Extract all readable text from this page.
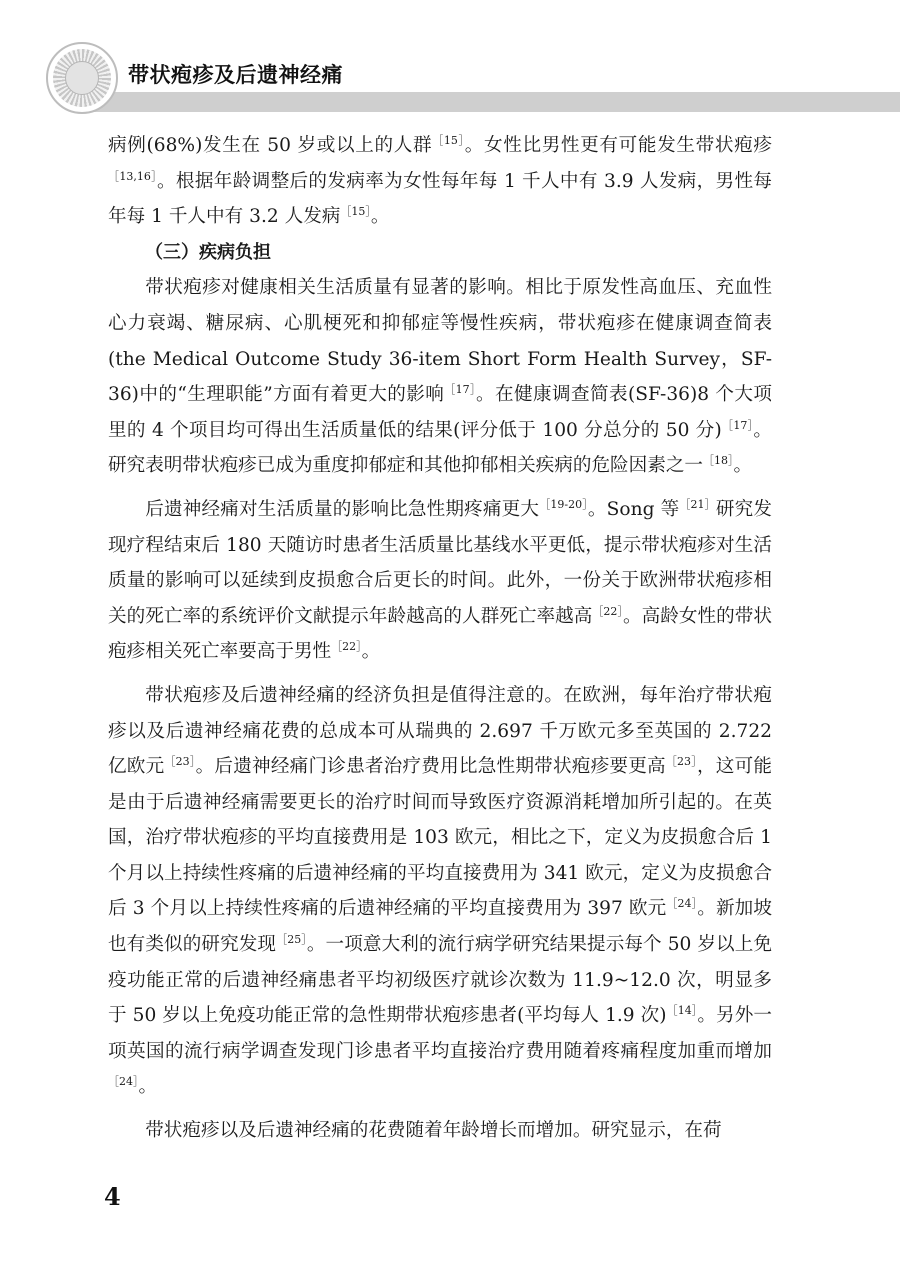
带状疱疹及后遗神经痛

病例(68%)发生在 50 岁或以上的人群$^{[15]}$。女性比男性更有可能发生带状疱疹$^{[13,16]}$。根据年龄调整后的发病率为女性每年每 1 千人中有 3.9 人发病，男性每年每 1 千人中有 3.2 人发病$^{[15]}$。

（三）疾病负担

带状疱疹对健康相关生活质量有显著的影响。相比于原发性高血压、充血性心力衰竭、糖尿病、心肌梗死和抑郁症等慢性疾病，带状疱疹在健康调查简表(the Medical Outcome Study 36-item Short Form Health Survey，SF-36)中的“生理职能”方面有着更大的影响$^{[17]}$。在健康调查简表(SF-36)8 个大项里的 4 个项目均可得出生活质量低的结果(评分低于 100 分总分的 50 分)$^{[17]}$。研究表明带状疱疹已成为重度抑郁症和其他抑郁相关疾病的危险因素之一$^{[18]}$。

后遗神经痛对生活质量的影响比急性期疼痛更大$^{[19-20]}$。Song 等$^{[21]}$研究发现疗程结束后 180 天随访时患者生活质量比基线水平更低，提示带状疱疹对生活质量的影响可以延续到皮损愈合后更长的时间。此外，一份关于欧洲带状疱疹相关的死亡率的系统评价文献提示年龄越高的人群死亡率越高$^{[22]}$。高龄女性的带状疱疹相关死亡率要高于男性$^{[22]}$。

带状疱疹及后遗神经痛的经济负担是值得注意的。在欧洲，每年治疗带状疱疹以及后遗神经痛花费的总成本可从瑞典的 2.697 千万欧元多至英国的 2.722 亿欧元$^{[23]}$。后遗神经痛门诊患者治疗费用比急性期带状疱疹要更高$^{[23]}$，这可能是由于后遗神经痛需要更长的治疗时间而导致医疗资源消耗增加所引起的。在英国，治疗带状疱疹的平均直接费用是 103 欧元，相比之下，定义为皮损愈合后 1 个月以上持续性疼痛的后遗神经痛的平均直接费用为 341 欧元，定义为皮损愈合后 3 个月以上持续性疼痛的后遗神经痛的平均直接费用为 397 欧元$^{[24]}$。新加坡也有类似的研究发现$^{[25]}$。一项意大利的流行病学研究结果提示每个 50 岁以上免疫功能正常的后遗神经痛患者平均初级医疗就诊次数为 11.9~12.0 次，明显多于 50 岁以上免疫功能正常的急性期带状疱疹患者(平均每人 1.9 次)$^{[14]}$。另外一项英国的流行病学调查发现门诊患者平均直接治疗费用随着疼痛程度加重而增加$^{[24]}$。

带状疱疹以及后遗神经痛的花费随着年龄增长而增加。研究显示，在荷

4
